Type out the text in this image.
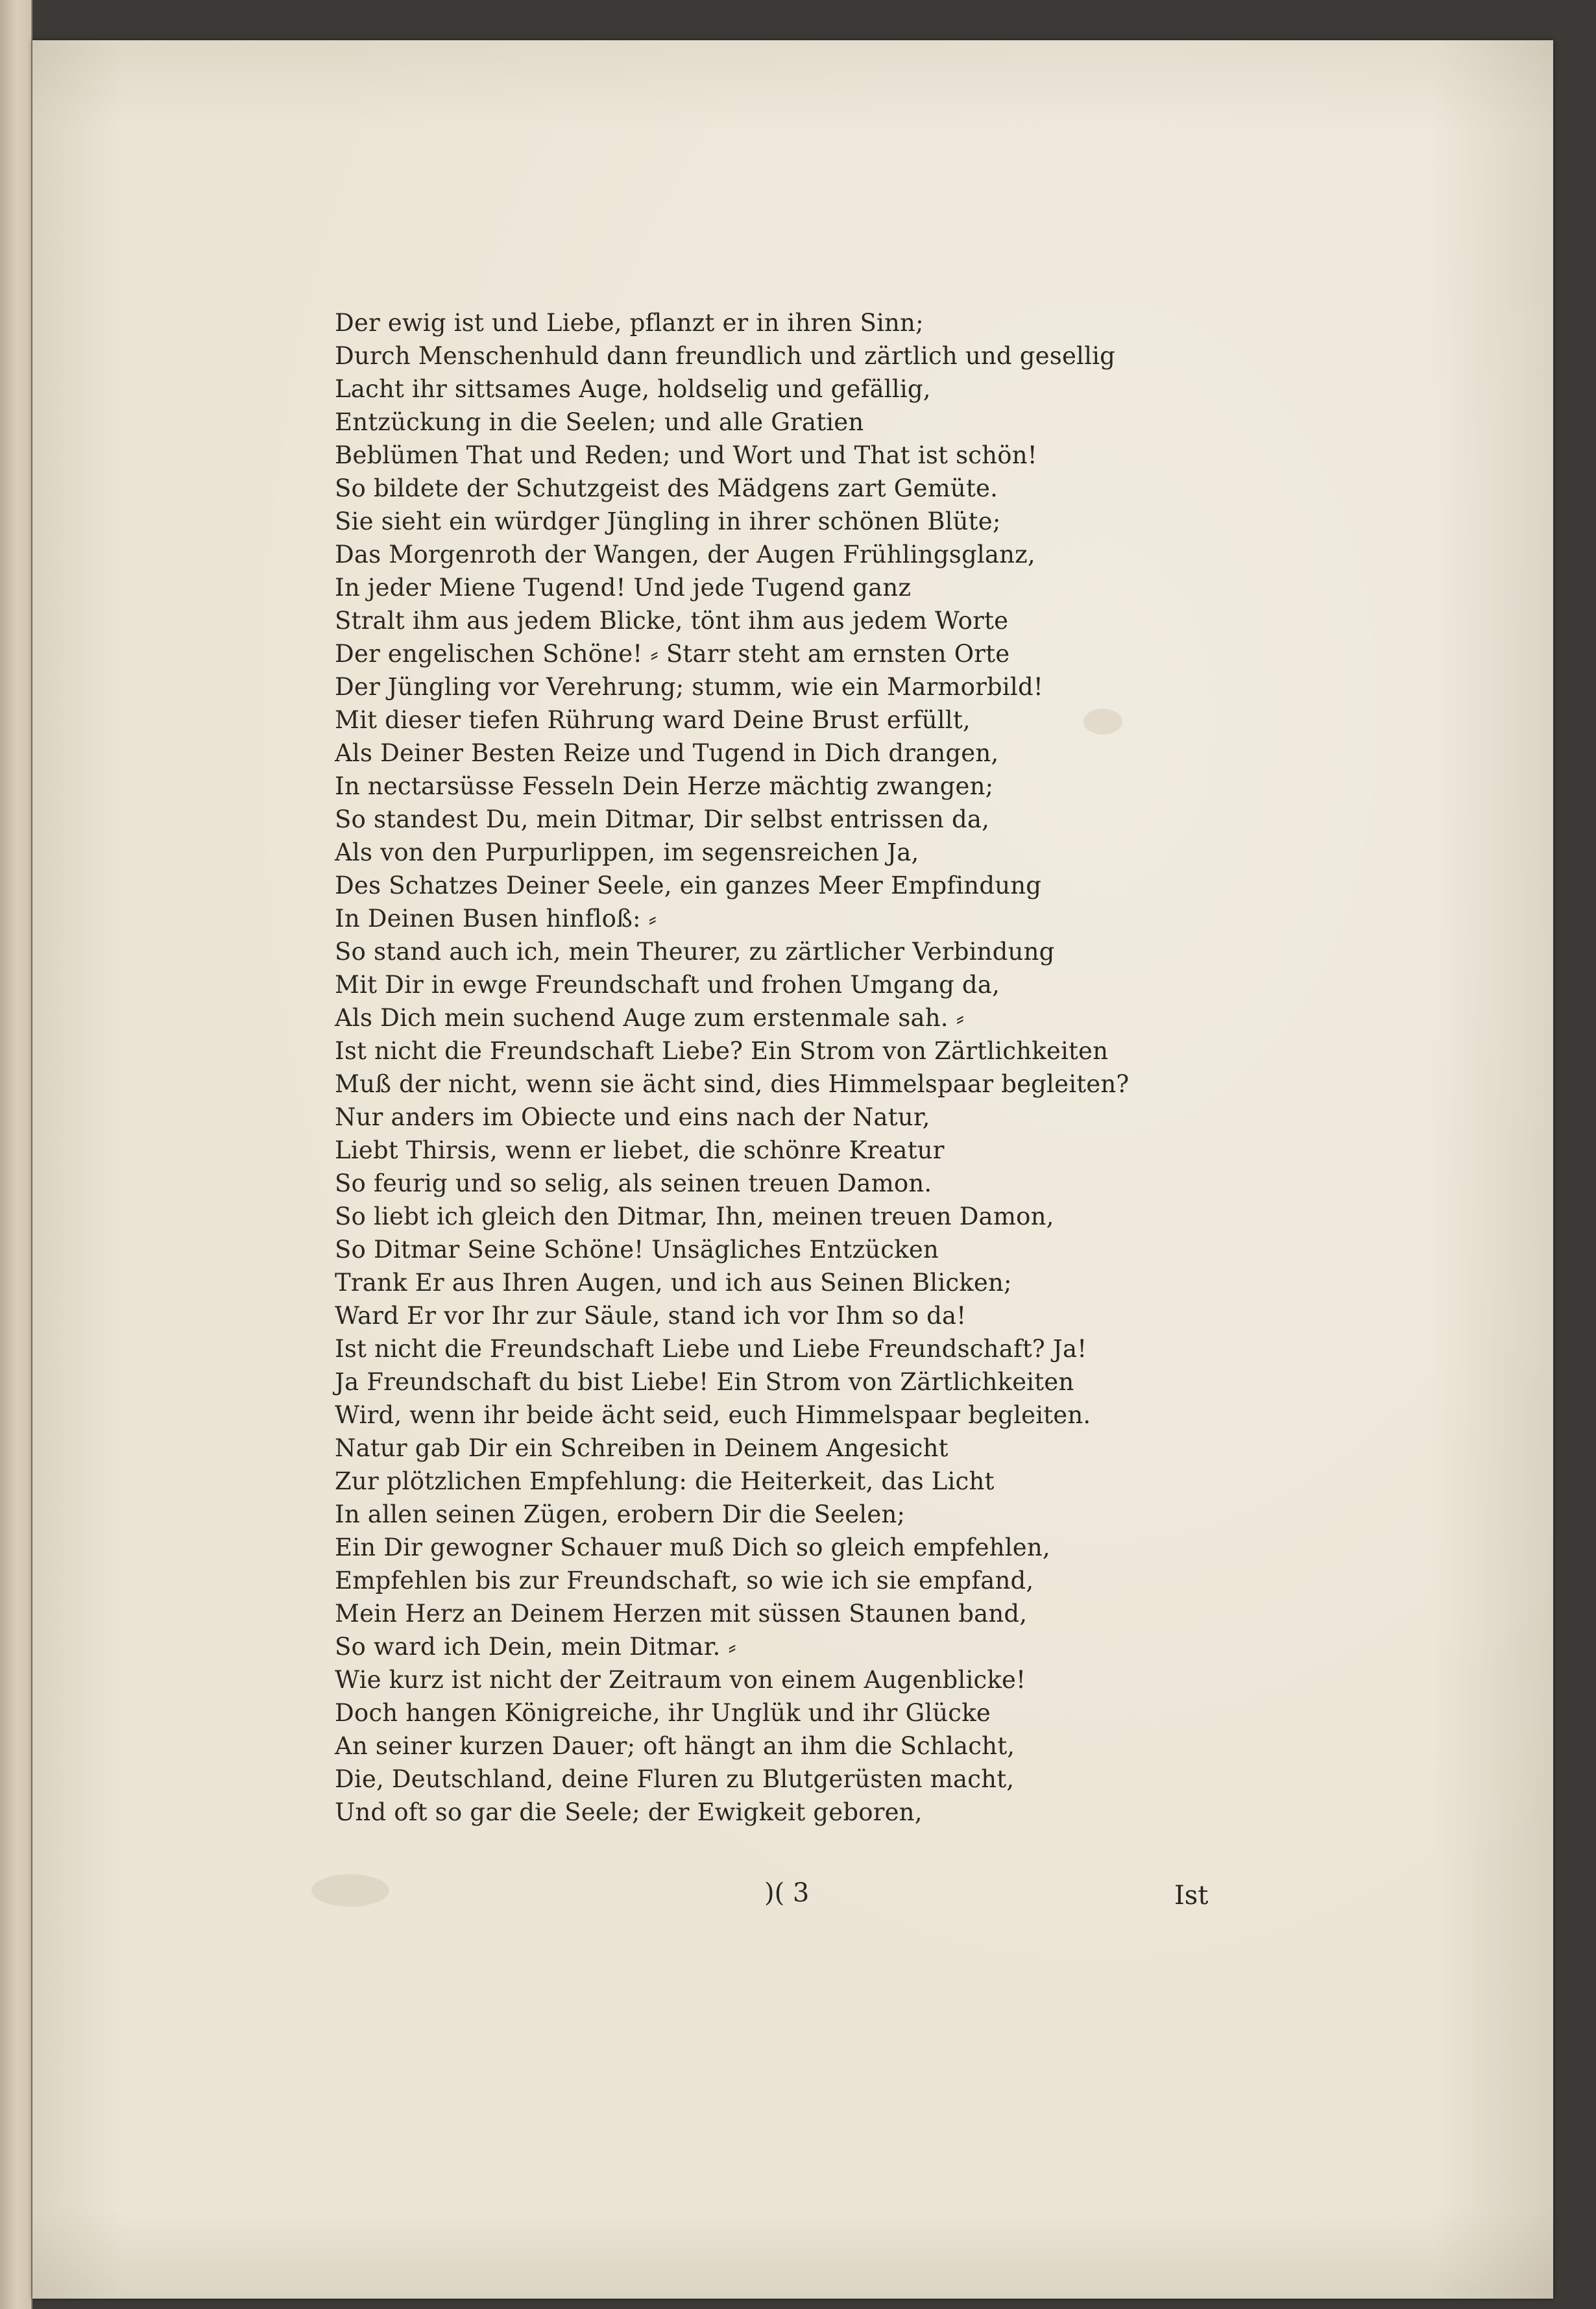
Der ewig ist und Liebe, pflanzt er in ihren Sinn;
Durch Menschenhuld dann freundlich und zärtlich und gesellig
Lacht ihr sittsames Auge, holdselig und gefällig,
Entzückung in die Seelen; und alle Gratien
Beblümen That und Reden; und Wort und That ist schön!
So bildete der Schutzgeist des Mädgens zart Gemüte.
Sie sieht ein würdger Jüngling in ihrer schönen Blüte;
Das Morgenroth der Wangen, der Augen Frühlingsglanz,
In jeder Miene Tugend! Und jede Tugend ganz
Stralt ihm aus jedem Blicke, tönt ihm aus jedem Worte
Der engelischen Schöne! ⸗ Starr steht am ernsten Orte
Der Jüngling vor Verehrung; stumm, wie ein Marmorbild!
Mit dieser tiefen Rührung ward Deine Brust erfüllt,
Als Deiner Besten Reize und Tugend in Dich drangen,
In nectarsüsse Fesseln Dein Herze mächtig zwangen;
So standest Du, mein Ditmar, Dir selbst entrissen da,
Als von den Purpurlippen, im segensreichen Ja,
Des Schatzes Deiner Seele, ein ganzes Meer Empfindung
In Deinen Busen hinfloß: ⸗
So stand auch ich, mein Theurer, zu zärtlicher Verbindung
Mit Dir in ewge Freundschaft und frohen Umgang da,
Als Dich mein suchend Auge zum erstenmale sah. ⸗
Ist nicht die Freundschaft Liebe? Ein Strom von Zärtlichkeiten
Muß der nicht, wenn sie ächt sind, dies Himmelspaar begleiten?
Nur anders im Obiecte und eins nach der Natur,
Liebt Thirsis, wenn er liebet, die schönre Kreatur
So feurig und so selig, als seinen treuen Damon.
So liebt ich gleich den Ditmar, Ihn, meinen treuen Damon,
So Ditmar Seine Schöne! Unsägliches Entzücken
Trank Er aus Ihren Augen, und ich aus Seinen Blicken;
Ward Er vor Ihr zur Säule, stand ich vor Ihm so da!
Ist nicht die Freundschaft Liebe und Liebe Freundschaft? Ja!
Ja Freundschaft du bist Liebe! Ein Strom von Zärtlichkeiten
Wird, wenn ihr beide ächt seid, euch Himmelspaar begleiten.
Natur gab Dir ein Schreiben in Deinem Angesicht
Zur plötzlichen Empfehlung: die Heiterkeit, das Licht
In allen seinen Zügen, erobern Dir die Seelen;
Ein Dir gewogner Schauer muß Dich so gleich empfehlen,
Empfehlen bis zur Freundschaft, so wie ich sie empfand,
Mein Herz an Deinem Herzen mit süssen Staunen band,
So ward ich Dein, mein Ditmar. ⸗
Wie kurz ist nicht der Zeitraum von einem Augenblicke!
Doch hangen Königreiche, ihr Unglük und ihr Glücke
An seiner kurzen Dauer; oft hängt an ihm die Schlacht,
Die, Deutschland, deine Fluren zu Blutgerüsten macht,
Und oft so gar die Seele; der Ewigkeit geboren,
)( 3	Ist
